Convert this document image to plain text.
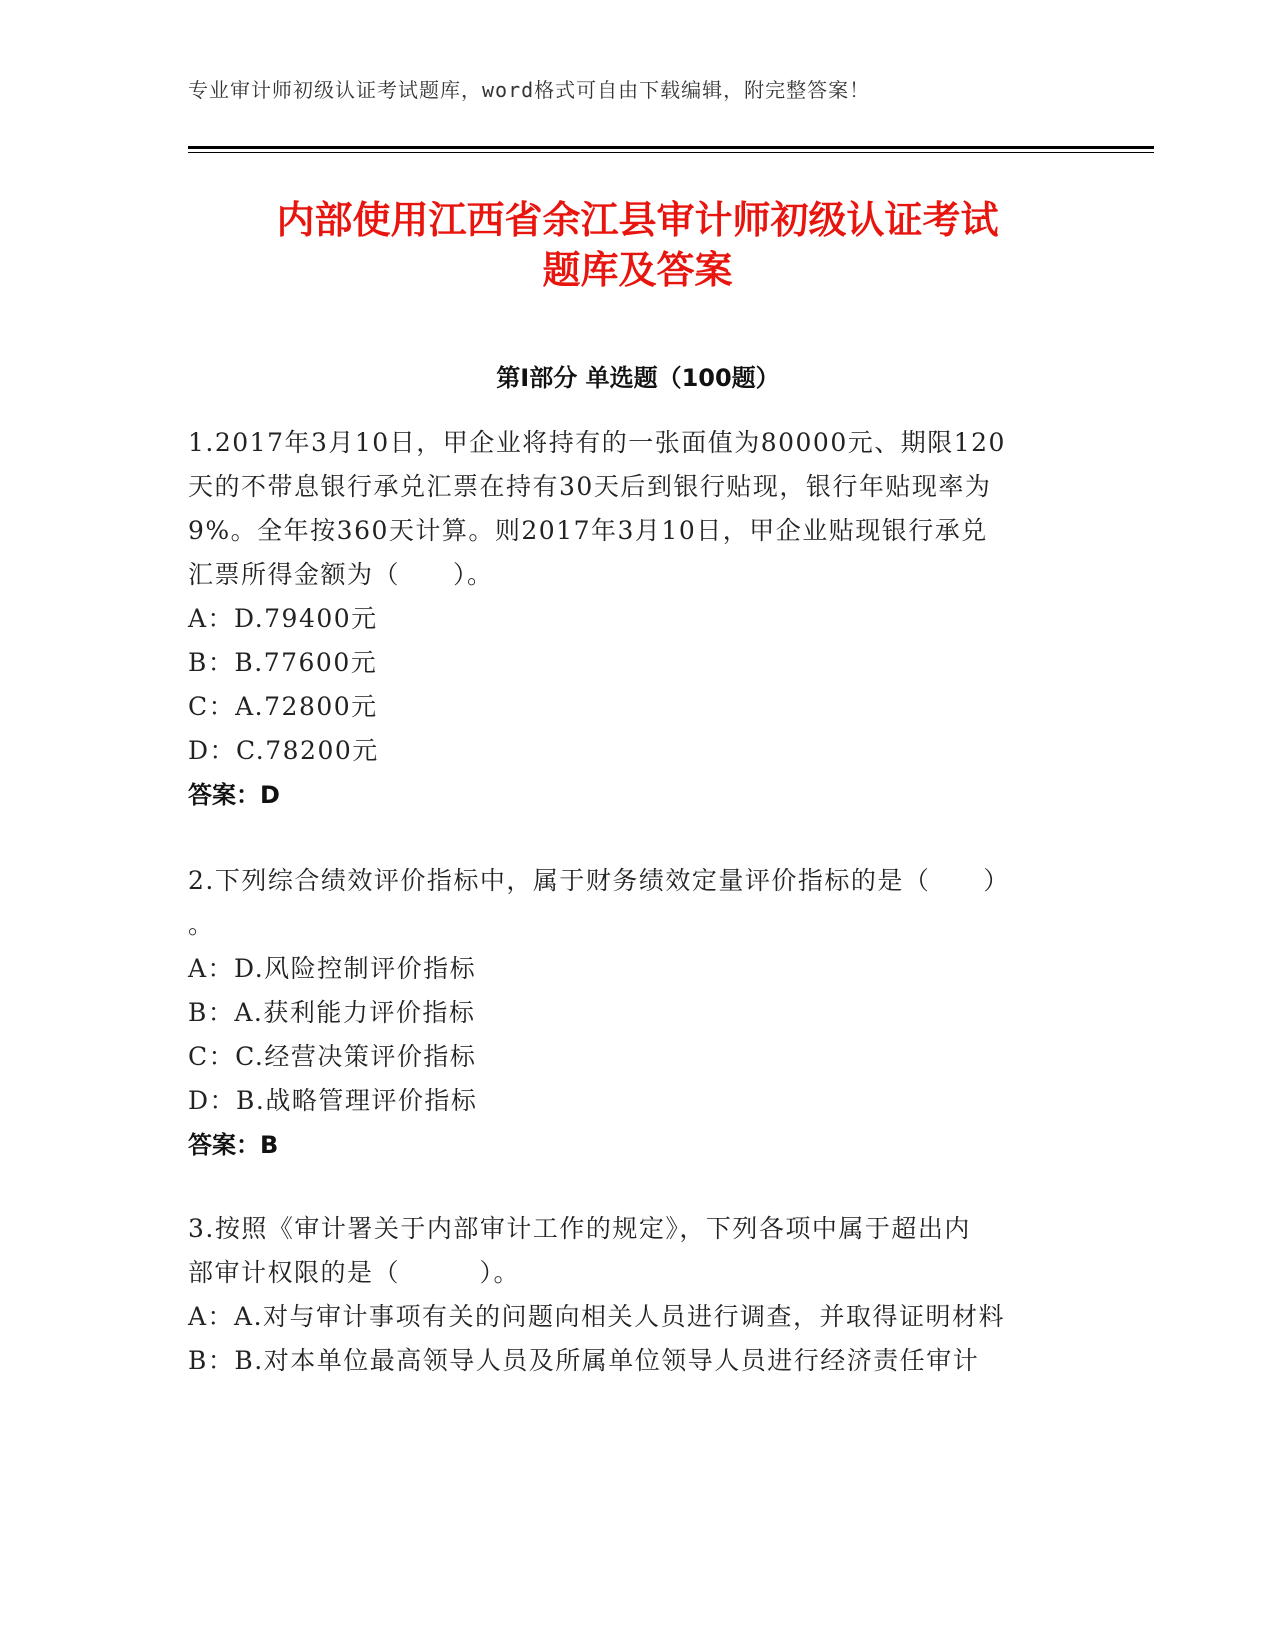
专业审计师初级认证考试题库，word格式可自由下载编辑，附完整答案！
内部使用江西省余江县审计师初级认证考试
题库及答案
第Ⅰ部分 单选题（100题）
1.2017年3月10日，甲企业将持有的一张面值为80000元、期限120
天的不带息银行承兑汇票在持有30天后到银行贴现，银行年贴现率为
9%。全年按360天计算。则2017年3月10日，甲企业贴现银行承兑
汇票所得金额为（　　）。
A：D.79400元
B：B.77600元
C：A.72800元
D：C.78200元
答案：D
2.下列综合绩效评价指标中，属于财务绩效定量评价指标的是（　　）
。
A：D.风险控制评价指标
B：A.获利能力评价指标
C：C.经营决策评价指标
D：B.战略管理评价指标
答案：B
3.按照《审计署关于内部审计工作的规定》，下列各项中属于超出内
部审计权限的是（　　　）。
A：A.对与审计事项有关的问题向相关人员进行调查，并取得证明材料
B：B.对本单位最高领导人员及所属单位领导人员进行经济责任审计
